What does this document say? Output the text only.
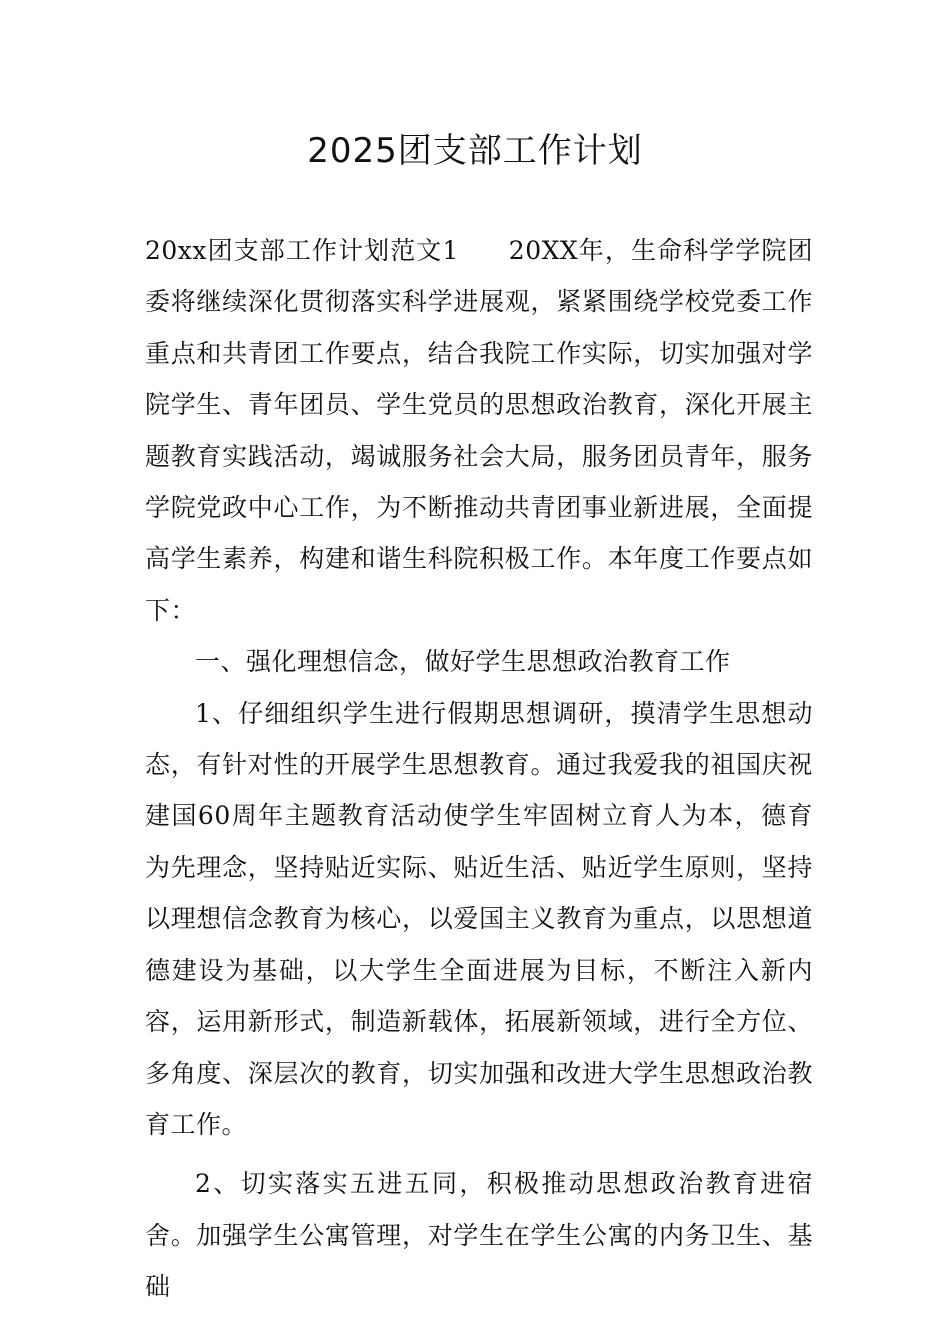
2025团支部工作计划

20xx团支部工作计划范文1 20XX年，生命科学学院团委将继续深化贯彻落实科学进展观，紧紧围绕学校党委工作重点和共青团工作要点，结合我院工作实际，切实加强对学院学生、青年团员、学生党员的思想政治教育，深化开展主题教育实践活动，竭诚服务社会大局，服务团员青年，服务学院党政中心工作，为不断推动共青团事业新进展，全面提高学生素养，构建和谐生科院积极工作。本年度工作要点如下：

一、强化理想信念，做好学生思想政治教育工作

1、仔细组织学生进行假期思想调研，摸清学生思想动态，有针对性的开展学生思想教育。通过我爱我的祖国庆祝建国60周年主题教育活动使学生牢固树立育人为本，德育为先理念，坚持贴近实际、贴近生活、贴近学生原则，坚持以理想信念教育为核心，以爱国主义教育为重点，以思想道德建设为基础，以大学生全面进展为目标，不断注入新内容，运用新形式，制造新载体，拓展新领域，进行全方位、多角度、深层次的教育，切实加强和改进大学生思想政治教育工作。

2、切实落实五进五同，积极推动思想政治教育进宿舍。加强学生公寓管理，对学生在学生公寓的内务卫生、基础
